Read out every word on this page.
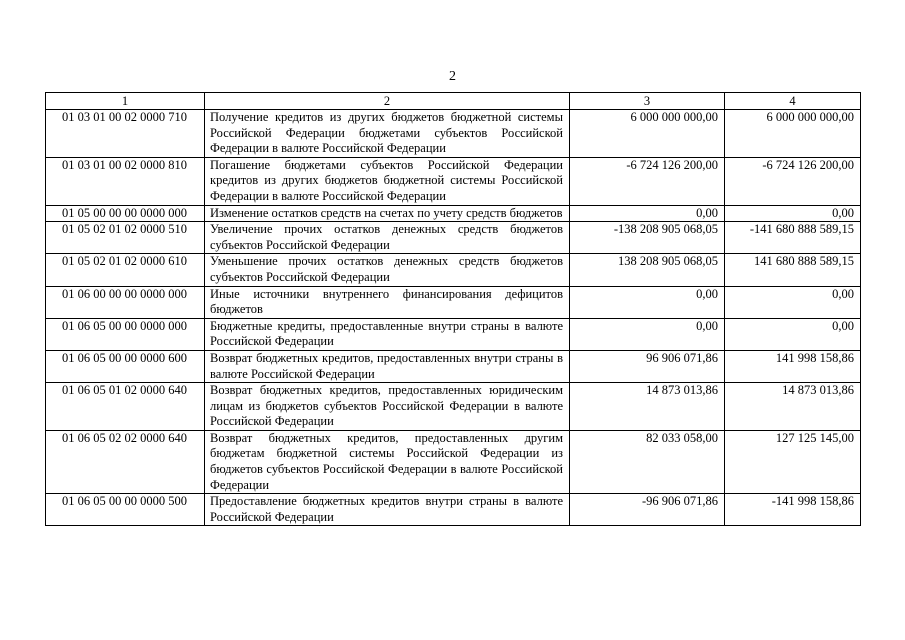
2
1	2	3	4
01 03 01 00 02 0000 710	Получение кредитов из других бюджетов бюджетной системы Российской Федерации бюджетами субъектов Российской Федерации в валюте Российской Федерации	6 000 000 000,00	6 000 000 000,00
01 03 01 00 02 0000 810	Погашение бюджетами субъектов Российской Федерации кредитов из других бюджетов бюджетной системы Российской Федерации в валюте Российской Федерации	-6 724 126 200,00	-6 724 126 200,00
01 05 00 00 00 0000 000	Изменение остатков средств на счетах по учету средств бюджетов	0,00	0,00
01 05 02 01 02 0000 510	Увеличение прочих остатков денежных средств бюджетов субъектов Российской Федерации	-138 208 905 068,05	-141 680 888 589,15
01 05 02 01 02 0000 610	Уменьшение прочих остатков денежных средств бюджетов субъектов Российской Федерации	138 208 905 068,05	141 680 888 589,15
01 06 00 00 00 0000 000	Иные источники внутреннего финансирования дефицитов бюджетов	0,00	0,00
01 06 05 00 00 0000 000	Бюджетные кредиты, предоставленные внутри страны в валюте Российской Федерации	0,00	0,00
01 06 05 00 00 0000 600	Возврат бюджетных кредитов, предоставленных внутри страны в валюте Российской Федерации	96 906 071,86	141 998 158,86
01 06 05 01 02 0000 640	Возврат бюджетных кредитов, предоставленных юридическим лицам из бюджетов субъектов Российской Федерации в валюте Российской Федерации	14 873 013,86	14 873 013,86
01 06 05 02 02 0000 640	Возврат бюджетных кредитов, предоставленных другим бюджетам бюджетной системы Российской Федерации из бюджетов субъектов Российской Федерации в валюте Российской Федерации	82 033 058,00	127 125 145,00
01 06 05 00 00 0000 500	Предоставление бюджетных кредитов внутри страны в валюте Российской Федерации	-96 906 071,86	-141 998 158,86
